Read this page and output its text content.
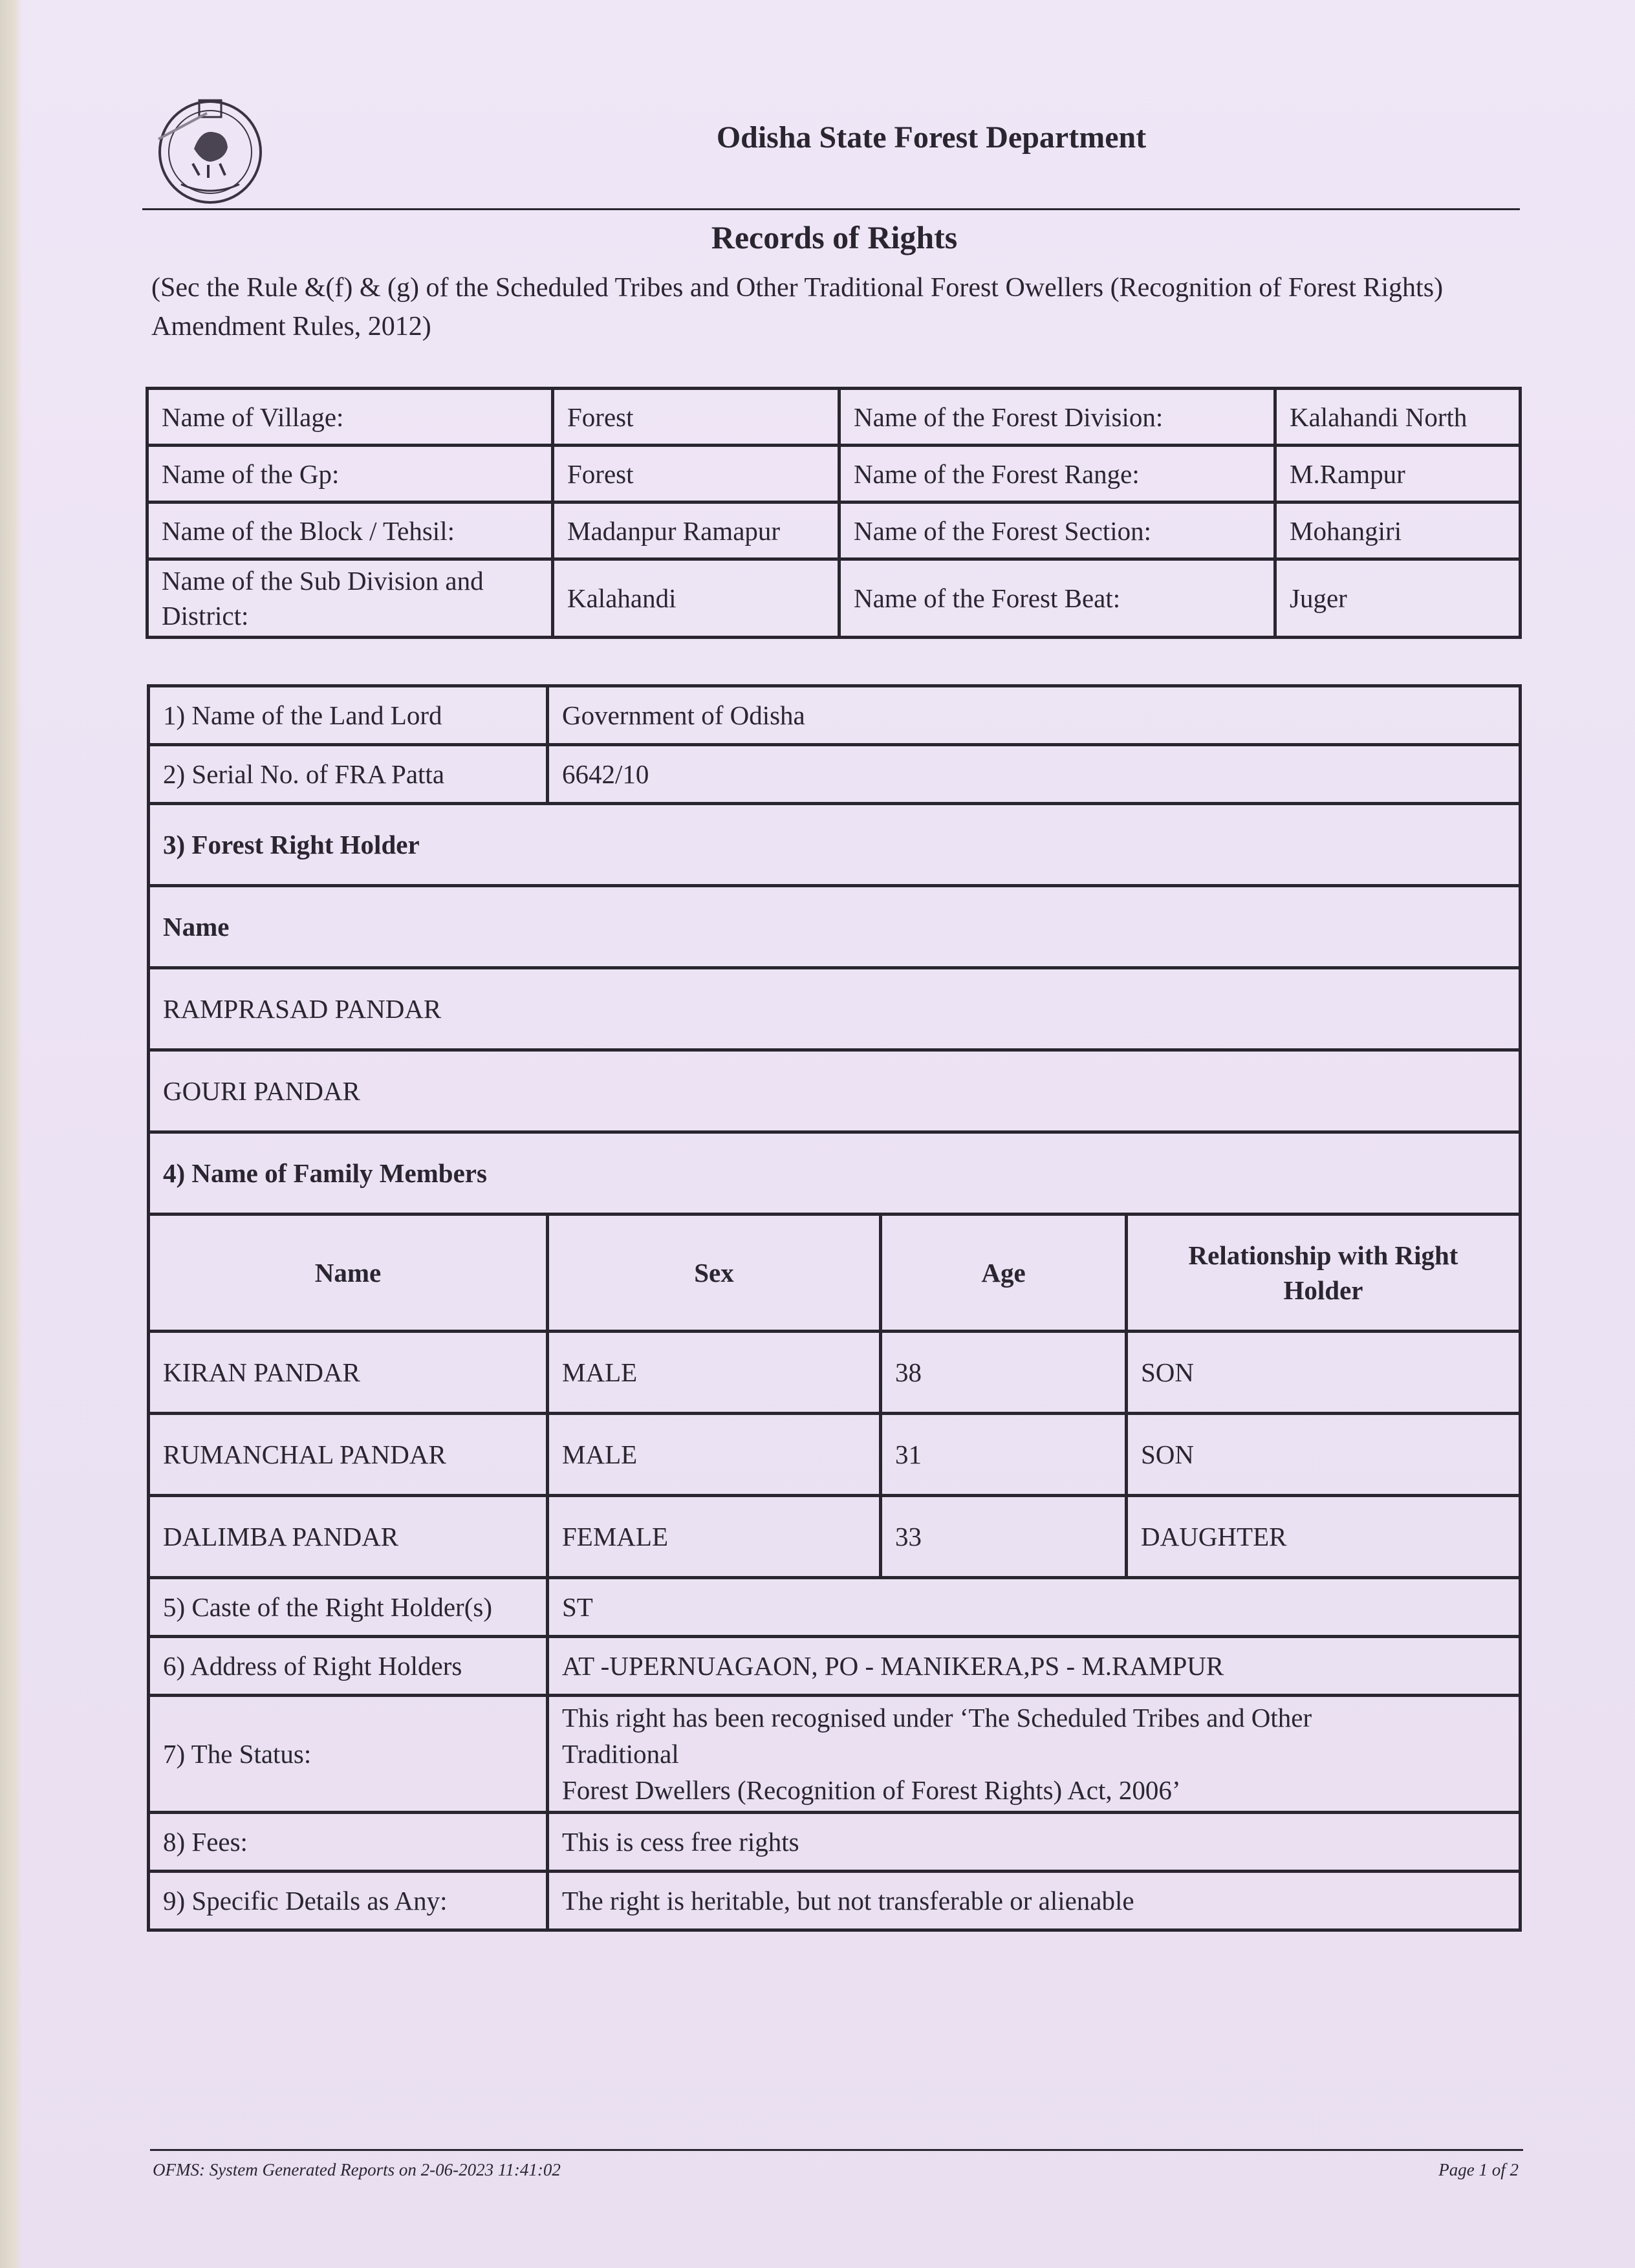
Odisha State Forest Department
Records of Rights
(Sec the Rule &(f) & (g) of the Scheduled Tribes and Other Traditional Forest Owellers (Recognition of Forest Rights) Amendment Rules, 2012)
Name of Village:	Forest	Name of the Forest Division:	Kalahandi North
Name of the Gp:	Forest	Name of the Forest Range:	M.Rampur
Name of the Block / Tehsil:	Madanpur Ramapur	Name of the Forest Section:	Mohangiri
Name of the Sub Division and District:	Kalahandi	Name of the Forest Beat:	Juger
1) Name of the Land Lord	Government of Odisha		
2) Serial No. of FRA Patta	6642/10		
3) Forest Right Holder			
Name			
RAMPRASAD PANDAR			
GOURI PANDAR			
4) Name of Family Members			
Name	Sex	Age	Relationship with Right Holder
KIRAN PANDAR	MALE	38	SON
RUMANCHAL PANDAR	MALE	31	SON
DALIMBA PANDAR	FEMALE	33	DAUGHTER
5) Caste of the Right Holder(s)	ST		
6) Address of Right Holders	AT -UPERNUAGAON, PO - MANIKERA,PS - M.RAMPUR		
7) The Status:	This right has been recognised under ‘The Scheduled Tribes and Other Traditional
Forest Dwellers (Recognition of Forest Rights) Act, 2006’		

8) Fees:	This is cess free rights		
9) Specific Details as Any:	The right is heritable, but not transferable or alienable		
OFMS: System Generated Reports on 2-06-2023 11:41:02	Page 1 of 2
